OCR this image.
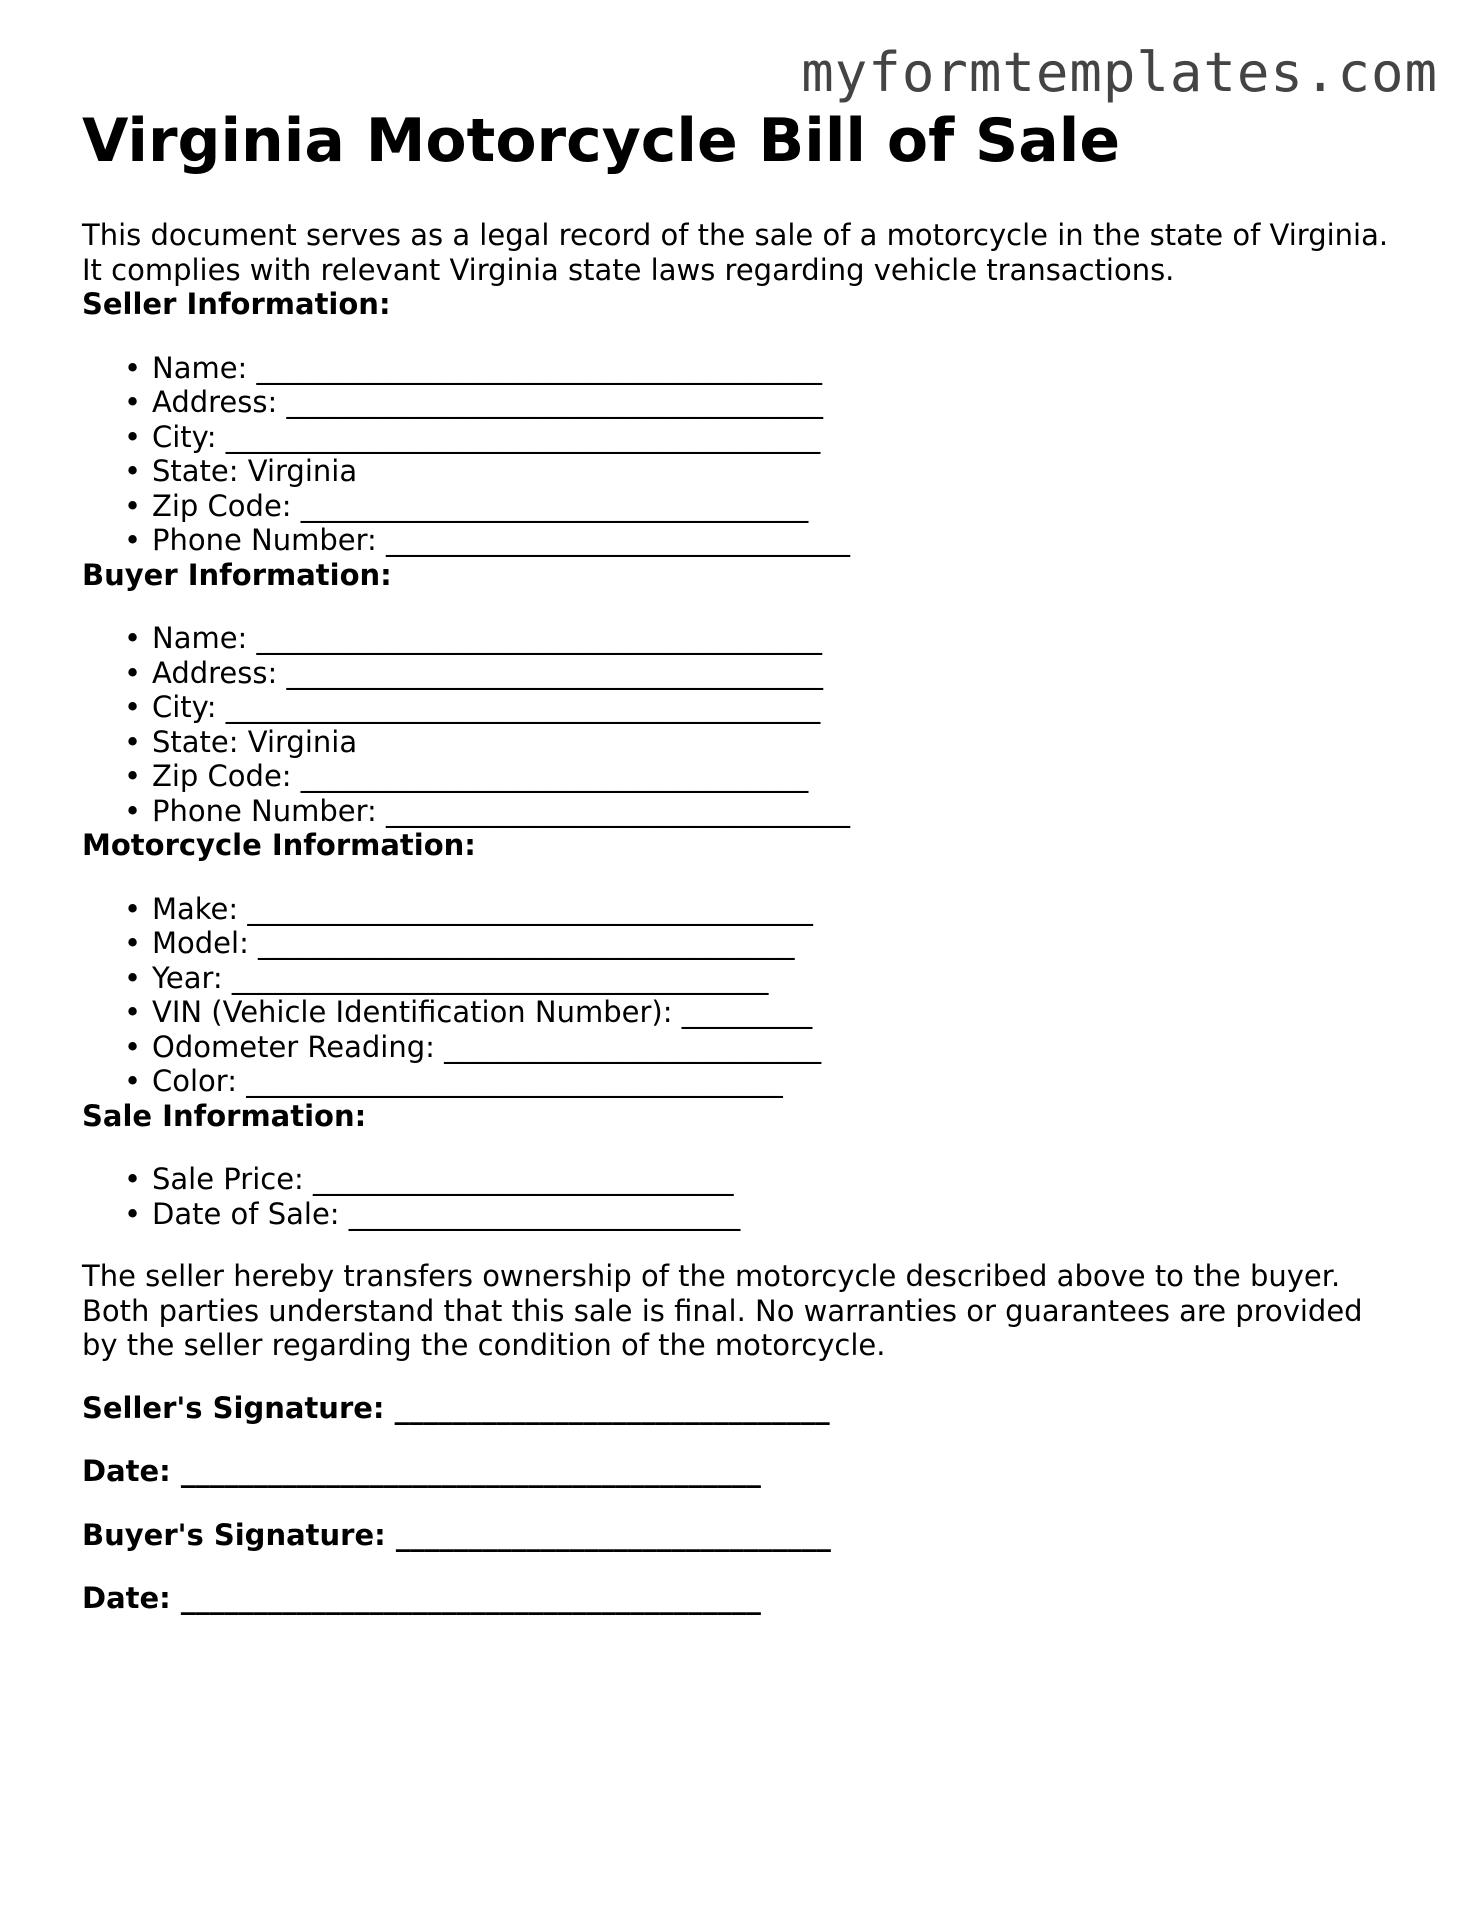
myformtemplates.com
Virginia Motorcycle Bill of Sale

This document serves as a legal record of the sale of a motorcycle in the state of Virginia.
It complies with relevant Virginia state laws regarding vehicle transactions.

Seller Information:
• Name: _______________________________________
• Address: _____________________________________
• City: _________________________________________
• State: Virginia
• Zip Code: ___________________________________
• Phone Number: ________________________________
Buyer Information:
• Name: _______________________________________
• Address: _____________________________________
• City: _________________________________________
• State: Virginia
• Zip Code: ___________________________________
• Phone Number: ________________________________
Motorcycle Information:
• Make: _______________________________________
• Model: _____________________________________
• Year: _____________________________________
• VIN (Vehicle Identification Number): _________
• Odometer Reading: __________________________
• Color: _____________________________________
Sale Information:
• Sale Price: _____________________________
• Date of Sale: ___________________________

The seller hereby transfers ownership of the motorcycle described above to the buyer.
Both parties understand that this sale is final. No warranties or guarantees are provided
by the seller regarding the condition of the motorcycle.

Seller's Signature: ______________________________

Date: ________________________________________

Buyer's Signature: ______________________________

Date: ________________________________________
